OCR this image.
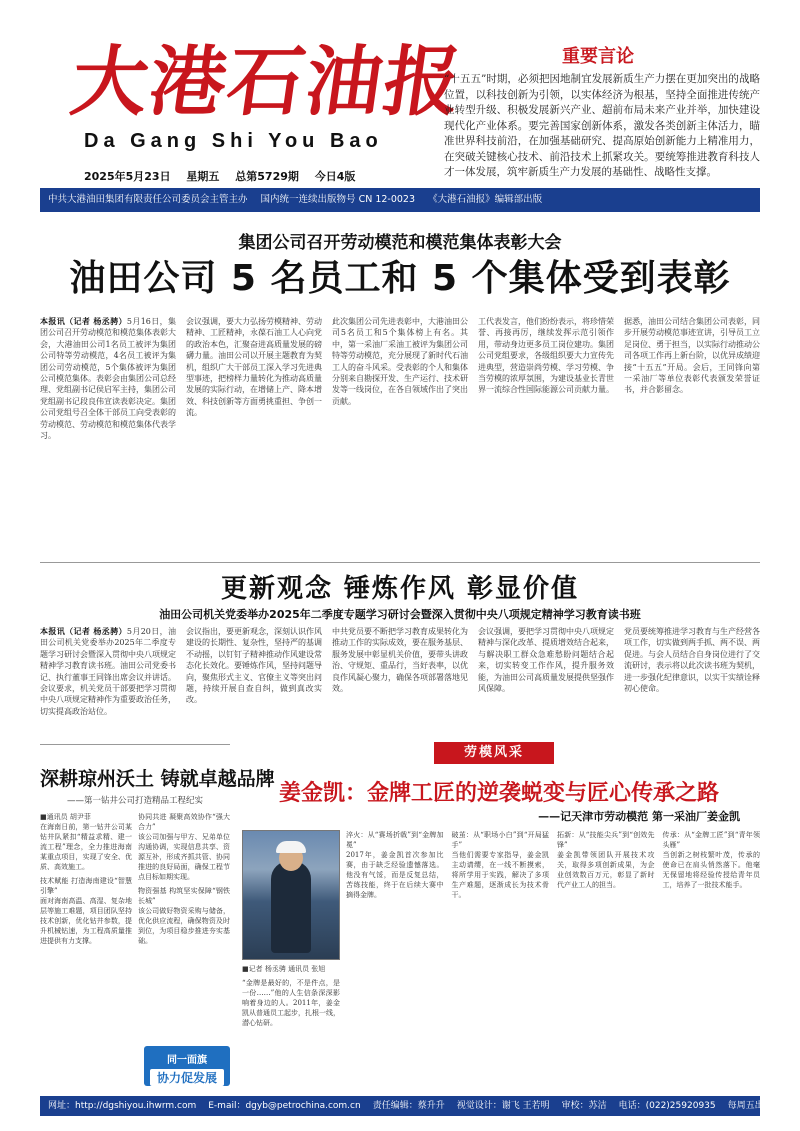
大港石油报
Da Gang Shi You Bao
2025年5月23日 星期五 总第5729期 今日4版
重要言论
“十五五”时期，必须把因地制宜发展新质生产力摆在更加突出的战略位置，以科技创新为引领，以实体经济为根基，坚持全面推进传统产业转型升级、积极发展新兴产业、超前布局未来产业并举，加快建设现代化产业体系。要完善国家创新体系，激发各类创新主体活力，瞄准世界科技前沿，在加强基础研究、提高原始创新能力上精准用力，在突破关键核心技术、前沿技术上抓紧攻关。要统筹推进教育科技人才一体发展，筑牢新质生产力发展的基础性、战略性支撑。
中共大港油田集团有限责任公司委员会主管主办 国内统一连续出版物号 CN 12-0023 《大港石油报》编辑部出版
集团公司召开劳动模范和模范集体表彰大会
油田公司 5 名员工和 5 个集体受到表彰
本报讯（记者 杨丞骋）5月16日，集团公司召开劳动模范和模范集体表彰大会，大港油田公司1名员工被评为集团公司特等劳动模范，4名员工被评为集团公司劳动模范，5个集体被评为集团公司模范集体。表彰会由集团公司总经理、党组副书记侯启军主持，集团公司党组副书记段良伟宣读表彰决定。集团公司党组号召全体干部员工向受表彰的劳动模范、劳动模范和模范集体代表学习。
会议强调，要大力弘扬劳模精神、劳动精神、工匠精神，永葆石油工人心向党的政治本色，汇聚奋进高质量发展的磅礴力量。油田公司以开展主题教育为契机，组织广大干部员工深入学习先进典型事迹，把榜样力量转化为推动高质量发展的实际行动，在增储上产、降本增效、科技创新等方面勇挑重担、争创一流。
此次集团公司先进表彰中，大港油田公司5名员工和5个集体榜上有名。其中，第一采油厂采油工被评为集团公司特等劳动模范，充分展现了新时代石油工人的奋斗风采。受表彰的个人和集体分别来自勘探开发、生产运行、技术研发等一线岗位，在各自领域作出了突出贡献。
工代表发言，他们纷纷表示，将珍惜荣誉、再接再厉，继续发挥示范引领作用，带动身边更多员工岗位建功。集团公司党组要求，各级组织要大力宣传先进典型，营造崇尚劳模、学习劳模、争当劳模的浓厚氛围，为建设基业长青世界一流综合性国际能源公司贡献力量。
据悉，油田公司结合集团公司表彰，同步开展劳动模范事迹宣讲，引导员工立足岗位、勇于担当，以实际行动推动公司各项工作再上新台阶，以优异成绩迎接“十五五”开局。会后，王同锋向第一采油厂等单位表彰代表颁发荣誉证书，并合影留念。
更新观念 锤炼作风 彰显价值
油田公司机关党委举办2025年二季度专题学习研讨会暨深入贯彻中央八项规定精神学习教育读书班
本报讯（记者 杨丞骋）5月20日，油田公司机关党委举办2025年二季度专题学习研讨会暨深入贯彻中央八项规定精神学习教育读书班。油田公司党委书记、执行董事王同锋出席会议并讲话。会议要求，机关党员干部要把学习贯彻中央八项规定精神作为重要政治任务，切实提高政治站位。
会议指出，要更新观念，深刻认识作风建设的长期性、复杂性，坚持严的基调不动摇，以钉钉子精神推动作风建设常态化长效化。要锤炼作风，坚持问题导向，聚焦形式主义、官僚主义等突出问题，持续开展自查自纠，做到真改实改。
中共党员要不断把学习教育成果转化为推动工作的实际成效，要在服务基层、服务发展中彰显机关价值，要带头讲政治、守规矩、重品行，当好表率，以优良作风凝心聚力，确保各项部署落地见效。
会议强调，要把学习贯彻中央八项规定精神与深化改革、提质增效结合起来，与解决职工群众急难愁盼问题结合起来，切实转变工作作风，提升服务效能，为油田公司高质量发展提供坚强作风保障。
党员要统筹推进学习教育与生产经营各项工作，切实做到两手抓、两不误、两促进。与会人员结合自身岗位进行了交流研讨，表示将以此次读书班为契机，进一步强化纪律意识，以实干实绩诠释初心使命。
深耕琼州沃土 铸就卓越品牌
——第一钻井公司打造精品工程纪实
■通讯员 胡尹菲
在海南日前，第一钻井公司某钻井队紧扣“精益求精、建一流工程”理念，全力推进海南某重点项目，实现了安全、优质、高效施工。
技术赋能 打造海南建设“智慧引擎”
面对海南高温、高湿、复杂地层等施工难题，项目团队坚持技术创新，优化钻井参数，提升机械钻速，为工程高质量推进提供有力支撑。
协同共进 凝聚高效协作“强大合力”
该公司加强与甲方、兄弟单位沟通协调，实现信息共享、资源互补，形成齐抓共管、协同推进的良好局面，确保工程节点目标如期实现。
物资强基 构筑坚实保障“钢铁长城”
该公司做好物资采购与储备，优化供应流程，确保物资及时到位，为项目稳步推进夯实基础。
同一面旗
协力促发展
劳模风采
姜金凯：金牌工匠的逆袭蜕变与匠心传承之路
——记天津市劳动模范 第一采油厂姜金凯
■记者 杨丞骋 通讯员 张旭
“金牌是最好的，不是件点，是一份……”他的人生信条深深影响着身边的人。2011年，姜金凯从普通员工起步，扎根一线，潜心钻研。
淬火：从“赛场折戟”到“金牌加冕”
2017年，姜金凯首次参加比赛，由于缺乏经验遗憾落选。他没有气馁，而是反复总结，苦练技能，终于在后续大赛中摘得金牌。
破茧：从“职场小白”到“开局猛手”
当他们需要专家指导，姜金凯主动请缨，在一线不断摸索，将所学用于实践，解决了多项生产难题，逐渐成长为技术骨干。
拓新：从“技能尖兵”到“创效先锋”
姜金凯带领团队开展技术攻关，取得多项创新成果，为企业创效数百万元，彰显了新时代产业工人的担当。
传承：从“金牌工匠”到“青年领头雁”
当创新之树枝繁叶茂，传承的使命已在肩头悄然落下。他毫无保留地将经验传授给青年员工，培养了一批技术能手。
网址：http://dgshiyou.ihwrm.com E-mail：dgyb@petrochina.com.cn 责任编辑：蔡升升 视觉设计：谢飞 王若明 审校：苏洁 电话：(022)25920935 每周五出版
